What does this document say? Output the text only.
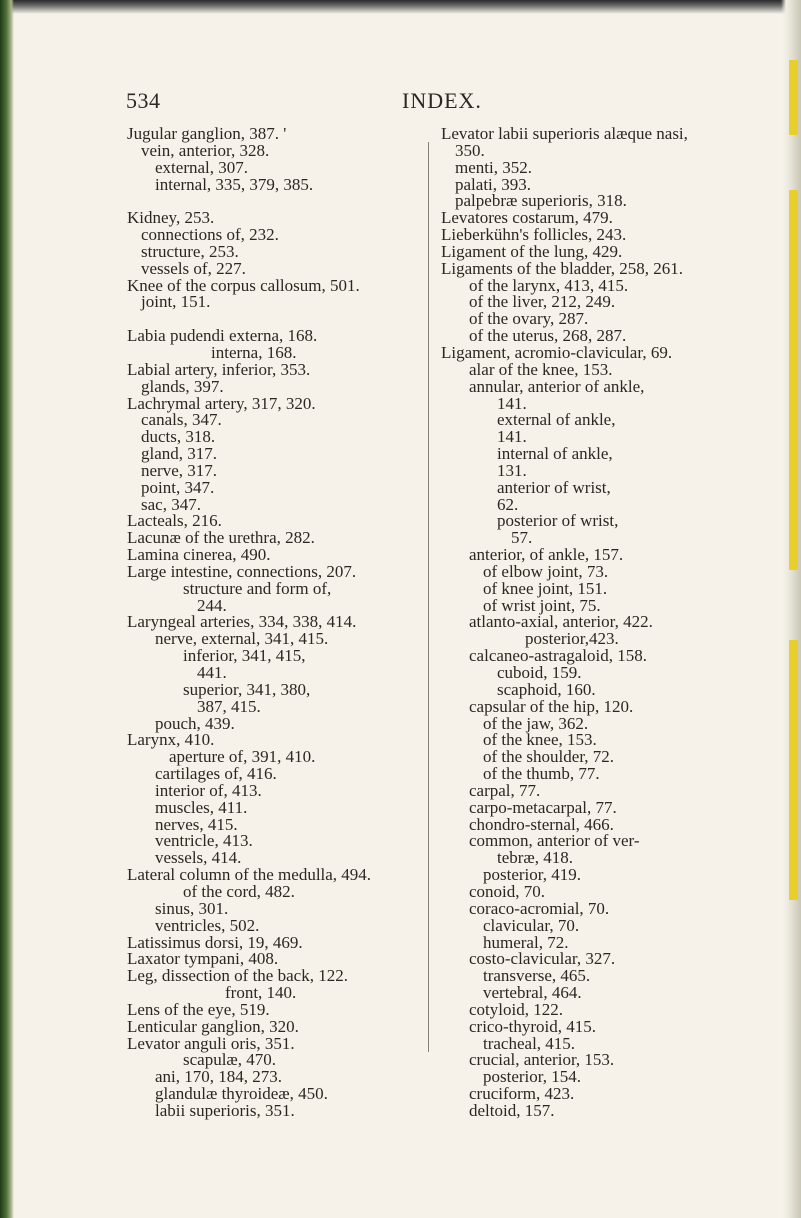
534	INDEX.
Jugular ganglion, 387. '
vein, anterior, 328.
external, 307.
internal, 335, 379, 385.
Kidney, 253.
connections of, 232.
structure, 253.
vessels of, 227.
Knee of the corpus callosum, 501.
joint, 151.
Labia pudendi externa, 168.
interna, 168.
Labial artery, inferior, 353.
glands, 397.
Lachrymal artery, 317, 320.
canals, 347.
ducts, 318.
gland, 317.
nerve, 317.
point, 347.
sac, 347.
Lacteals, 216.
Lacunæ of the urethra, 282.
Lamina cinerea, 490.
Large intestine, connections, 207.
structure and form of,
244.
Laryngeal arteries, 334, 338, 414.
nerve, external, 341, 415.
inferior, 341, 415,
441.
superior, 341, 380,
387, 415.
pouch, 439.
Larynx, 410.
aperture of, 391, 410.
cartilages of, 416.
interior of, 413.
muscles, 411.
nerves, 415.
ventricle, 413.
vessels, 414.
Lateral column of the medulla, 494.
of the cord, 482.
sinus, 301.
ventricles, 502.
Latissimus dorsi, 19, 469.
Laxator tympani, 408.
Leg, dissection of the back, 122.
front, 140.
Lens of the eye, 519.
Lenticular ganglion, 320.
Levator anguli oris, 351.
scapulæ, 470.
ani, 170, 184, 273.
glandulæ thyroideæ, 450.
labii superioris, 351.
Levator labii superioris alæque nasi,
350.
menti, 352.
palati, 393.
palpebræ superioris, 318.
Levatores costarum, 479.
Lieberkühn's follicles, 243.
Ligament of the lung, 429.
Ligaments of the bladder, 258, 261.
of the larynx, 413, 415.
of the liver, 212, 249.
of the ovary, 287.
of the uterus, 268, 287.
Ligament, acromio-clavicular, 69.
alar of the knee, 153.
annular, anterior of ankle,
141.
external of ankle,
141.
internal of ankle,
131.
anterior of wrist,
62.
posterior of wrist,
57.
anterior, of ankle, 157.
of elbow joint, 73.
of knee joint, 151.
of wrist joint, 75.
atlanto-axial, anterior, 422.
posterior,423.
calcaneo-astragaloid, 158.
cuboid, 159.
scaphoid, 160.
capsular of the hip, 120.
of the jaw, 362.
of the knee, 153.
of the shoulder, 72.
of the thumb, 77.
carpal, 77.
carpo-metacarpal, 77.
chondro-sternal, 466.
common, anterior of ver-
tebræ, 418.
posterior, 419.
conoid, 70.
coraco-acromial, 70.
clavicular, 70.
humeral, 72.
costo-clavicular, 327.
transverse, 465.
vertebral, 464.
cotyloid, 122.
crico-thyroid, 415.
tracheal, 415.
crucial, anterior, 153.
posterior, 154.
cruciform, 423.
deltoid, 157.
